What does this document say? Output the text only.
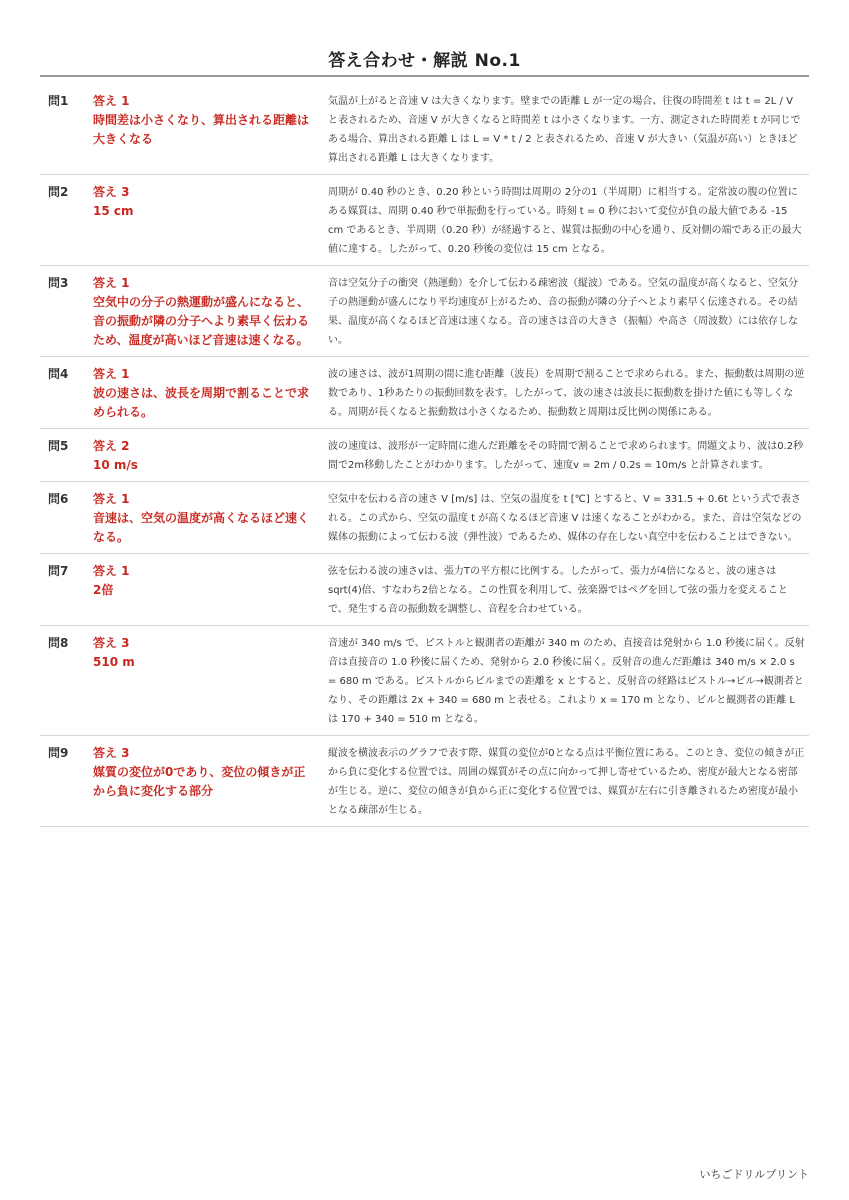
答え合わせ・解説 No.1
問1	答え 1
時間差は小さくなり、算出される距離は大きくなる
気温が上がると音速 V は大きくなります。壁までの距離 L が一定の場合、往復の時間差 t は t = 2L / V と表されるため、音速 V が大きくなると時間差 t は小さくなります。一方、測定された時間差 t が同じである場合、算出される距離 L は L = V * t / 2 と表されるため、音速 V が大きい（気温が高い）ときほど算出される距離 L は大きくなります。
問2	答え 3
15 cm
周期が 0.40 秒のとき、0.20 秒という時間は周期の 2分の1（半周期）に相当する。定常波の腹の位置にある媒質は、周期 0.40 秒で単振動を行っている。時刻 t = 0 秒において変位が負の最大値である -15 cm であるとき、半周期（0.20 秒）が経過すると、媒質は振動の中心を通り、反対側の端である正の最大値に達する。したがって、0.20 秒後の変位は 15 cm となる。
問3	答え 1
空気中の分子の熱運動が盛んになると、音の振動が隣の分子へより素早く伝わるため、温度が高いほど音速は速くなる。
音は空気分子の衝突（熱運動）を介して伝わる疎密波（縦波）である。空気の温度が高くなると、空気分子の熱運動が盛んになり平均速度が上がるため、音の振動が隣の分子へとより素早く伝達される。その結果、温度が高くなるほど音速は速くなる。音の速さは音の大きさ（振幅）や高さ（周波数）には依存しない。
問4	答え 1
波の速さは、波長を周期で割ることで求められる。
波の速さは、波が1周期の間に進む距離（波長）を周期で割ることで求められる。また、振動数は周期の逆数であり、1秒あたりの振動回数を表す。したがって、波の速さは波長に振動数を掛けた値にも等しくなる。周期が長くなると振動数は小さくなるため、振動数と周期は反比例の関係にある。
問5	答え 2
10 m/s
波の速度は、波形が一定時間に進んだ距離をその時間で割ることで求められます。問題文より、波は0.2秒間で2m移動したことがわかります。したがって、速度v = 2m / 0.2s = 10m/s と計算されます。
問6	答え 1
音速は、空気の温度が高くなるほど速くなる。
空気中を伝わる音の速さ V [m/s] は、空気の温度を t [℃] とすると、V = 331.5 + 0.6t という式で表される。この式から、空気の温度 t が高くなるほど音速 V は速くなることがわかる。また、音は空気などの媒体の振動によって伝わる波（弾性波）であるため、媒体の存在しない真空中を伝わることはできない。
問7	答え 1
2倍
弦を伝わる波の速さvは、張力Tの平方根に比例する。したがって、張力が4倍になると、波の速さはsqrt(4)倍、すなわち2倍となる。この性質を利用して、弦楽器ではペグを回して弦の張力を変えることで、発生する音の振動数を調整し、音程を合わせている。
問8	答え 3
510 m
音速が 340 m/s で、ピストルと観測者の距離が 340 m のため、直接音は発射から 1.0 秒後に届く。反射音は直接音の 1.0 秒後に届くため、発射から 2.0 秒後に届く。反射音の進んだ距離は 340 m/s × 2.0 s = 680 m である。ピストルからビルまでの距離を x とすると、反射音の経路はピストル→ビル→観測者となり、その距離は 2x + 340 = 680 m と表せる。これより x = 170 m となり、ビルと観測者の距離 L は 170 + 340 = 510 m となる。
問9	答え 3
媒質の変位が0であり、変位の傾きが正から負に変化する部分
縦波を横波表示のグラフで表す際、媒質の変位が0となる点は平衡位置にある。このとき、変位の傾きが正から負に変化する位置では、周囲の媒質がその点に向かって押し寄せているため、密度が最大となる密部が生じる。逆に、変位の傾きが負から正に変化する位置では、媒質が左右に引き離されるため密度が最小となる疎部が生じる。
いちごドリルプリント
